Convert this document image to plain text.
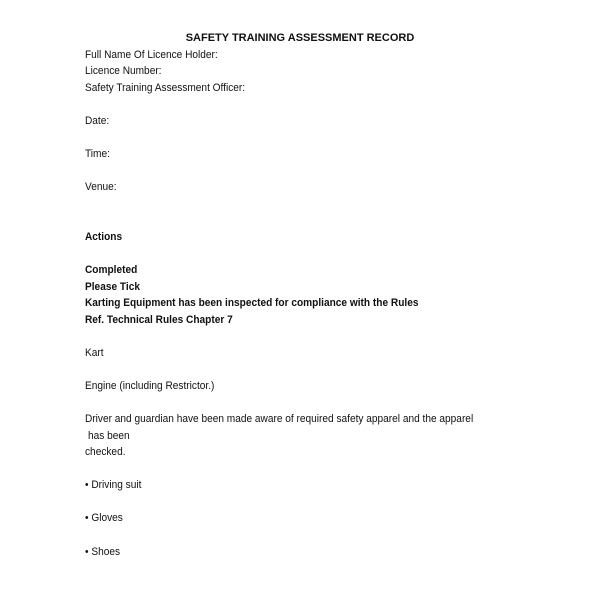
SAFETY TRAINING ASSESSMENT RECORD
Full Name Of Licence Holder:
Licence Number:
Safety Training Assessment Officer:
Date:
Time:
Venue:
Actions
Completed
Please Tick
Karting Equipment has been inspected for compliance with the Rules
Ref. Technical Rules Chapter 7
Kart
Engine (including Restrictor.)
Driver and guardian have been made aware of required safety apparel and the apparel
has been
checked.
• Driving suit
• Gloves
• Shoes
